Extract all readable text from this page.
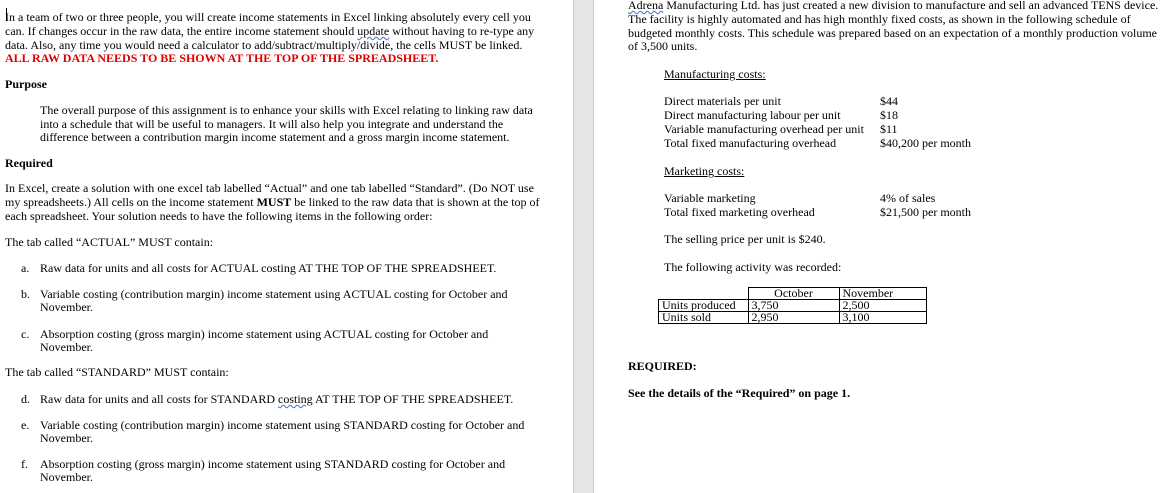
In a team of two or three people, you will create income statements in Excel linking absolutely every cell you
can. If changes occur in the raw data, the entire income statement should update without having to re-type any
data. Also, any time you would need a calculator to add/subtract/multiply/divide, the cells MUST be linked.
ALL RAW DATA NEEDS TO BE SHOWN AT THE TOP OF THE SPREADSHEET.
Purpose
The overall purpose of this assignment is to enhance your skills with Excel relating to linking raw data
into a schedule that will be useful to managers. It will also help you integrate and understand the
difference between a contribution margin income statement and a gross margin income statement.
Required
In Excel, create a solution with one excel tab labelled “Actual” and one tab labelled “Standard”. (Do NOT use
my spreadsheets.) All cells on the income statement MUST be linked to the raw data that is shown at the top of
each spreadsheet. Your solution needs to have the following items in the following order:
The tab called “ACTUAL” MUST contain:
a. Raw data for units and all costs for ACTUAL costing AT THE TOP OF THE SPREADSHEET.
b. Variable costing (contribution margin) income statement using ACTUAL costing for October and
November.
c. Absorption costing (gross margin) income statement using ACTUAL costing for October and
November.
The tab called “STANDARD” MUST contain:
d. Raw data for units and all costs for STANDARD costing AT THE TOP OF THE SPREADSHEET.
e. Variable costing (contribution margin) income statement using STANDARD costing for October and
November.
f. Absorption costing (gross margin) income statement using STANDARD costing for October and
November.
Adrena Manufacturing Ltd. has just created a new division to manufacture and sell an advanced TENS device.
The facility is highly automated and has high monthly fixed costs, as shown in the following schedule of
budgeted monthly costs. This schedule was prepared based on an expectation of a monthly production volume
of 3,500 units.
Manufacturing costs:
Direct materials per unit	$44
Direct manufacturing labour per unit	$18
Variable manufacturing overhead per unit $11
Total fixed manufacturing overhead	$40,200 per month
Marketing costs:
Variable marketing	4% of sales
Total fixed marketing overhead	$21,500 per month
The selling price per unit is $240.
The following activity was recorded:
	October	November
Units produced	3,750	2,500
Units sold	2,950	3,100
REQUIRED:
See the details of the “Required” on page 1.
